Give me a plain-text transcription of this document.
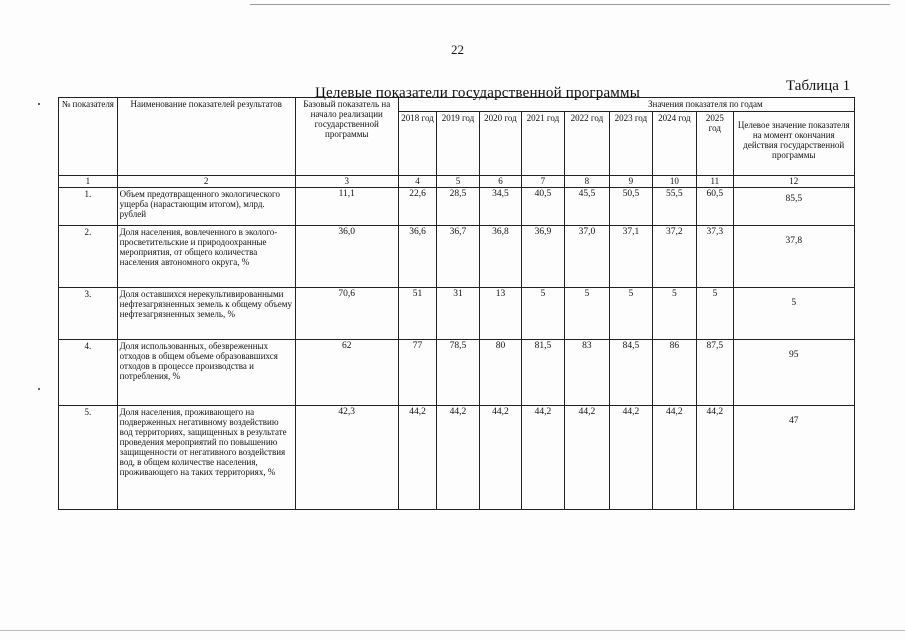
22
Таблица 1
Целевые показатели государственной программы
№ показателя	Наименование показателей результатов	Базовый показатель на начало реализации государственной программы	Значения показателя по годам								
			2018 год	2019 год	2020 год	2021 год	2022 год	2023 год	2024 год	2025 год	Целевое значение показателя на момент окончания действия государственной программы
1	2	3	4	5	6	7	8	9	10	11	12
1.	Объем предотвращенного экологического ущерба (нарастающим итогом), млрд. рублей	11,1	22,6	28,5	34,5	40,5	45,5	50,5	55,5	60,5	85,5
2.	Доля населения, вовлеченного в эколого-просветительские и природоохранные мероприятия, от общего количества населения автономного округа, %	36,0	36,6	36,7	36,8	36,9	37,0	37,1	37,2	37,3	37,8
3.	Доля оставшихся нерекультивированными нефтезагрязненных земель к общему объему нефтезагрязненных земель, %	70,6	51	31	13	5	5	5	5	5	5
4.	Доля использованных, обезвреженных отходов в общем объеме образовавшихся отходов в процессе производства и потребления, %	62	77	78,5	80	81,5	83	84,5	86	87,5	95
5.	Доля населения, проживающего на подверженных негативному воздействию вод территориях, защищенных в результате проведения мероприятий по повышению защищенности от негативного воздействия вод, в общем количестве населения, проживающего на таких территориях, %	42,3	44,2	44,2	44,2	44,2	44,2	44,2	44,2	44,2	47
